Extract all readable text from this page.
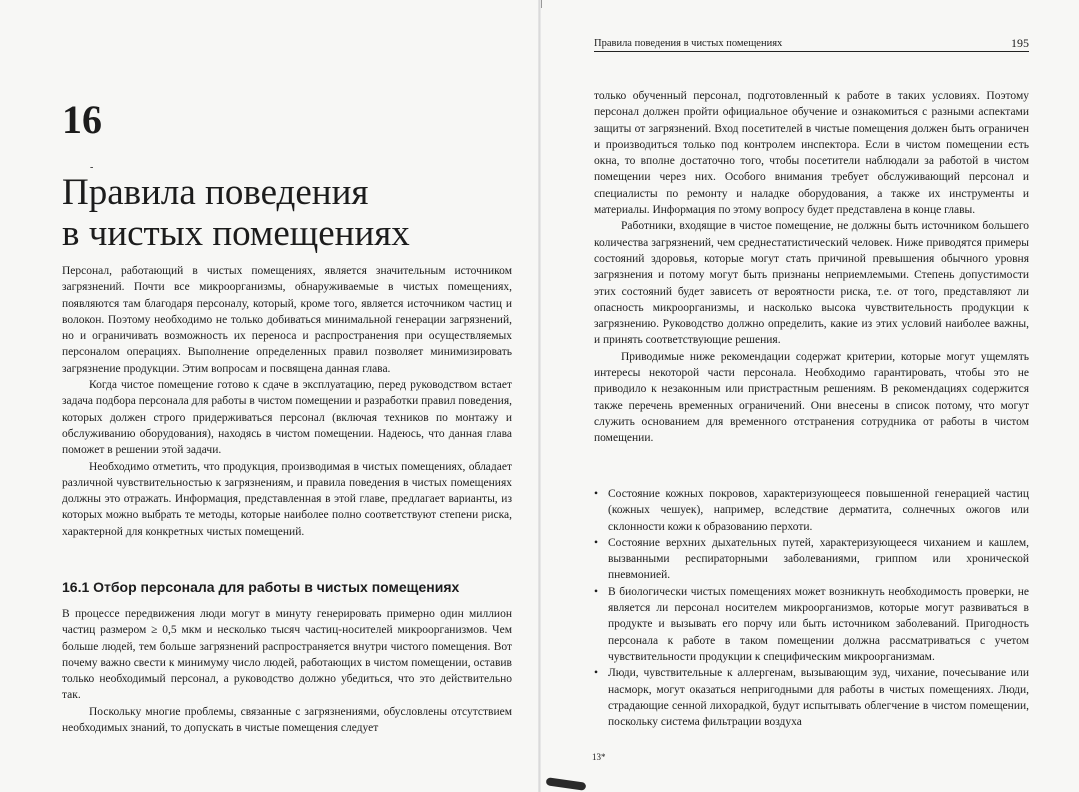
16
-
Правила поведения
в чистых помещениях

Персонал, работающий в чистых помещениях, является значительным источником загрязнений. Почти все микроорганизмы, обнаруживаемые в чистых помещениях, появляются там благодаря персоналу, который, кроме того, является источником частиц и волокон. Поэтому необходимо не только добиваться минимальной генерации загрязнений, но и ограничивать возможность их переноса и распространения при осуществляемых персоналом операциях. Выполнение определенных правил позволяет минимизировать загрязнение продукции. Этим вопросам и посвящена данная глава.

Когда чистое помещение готово к сдаче в эксплуатацию, перед руководством встает задача подбора персонала для работы в чистом помещении и разработки правил поведения, которых должен строго придерживаться персонал (включая техников по монтажу и обслуживанию оборудования), находясь в чистом помещении. Надеюсь, что данная глава поможет в решении этой задачи.

Необходимо отметить, что продукция, производимая в чистых помещениях, обладает различной чувствительностью к загрязнениям, и правила поведения в чистых помещениях должны это отражать. Информация, представленная в этой главе, предлагает варианты, из которых можно выбрать те методы, которые наиболее полно соответствуют степени риска, характерной для конкретных чистых помещений.

16.1 Отбор персонала для работы в чистых помещениях

В процессе передвижения люди могут в минуту генерировать примерно один миллион частиц размером ≥ 0,5 мкм и несколько тысяч частиц-носителей микроорганизмов. Чем больше людей, тем больше загрязнений распространяется внутри чистого помещения. Вот почему важно свести к минимуму число людей, работающих в чистом помещении, оставив только необходимый персонал, а руководство должно убедиться, что это действительно так.

Поскольку многие проблемы, связанные с загрязнениями, обусловлены отсутствием необходимых знаний, то допускать в чистые помещения следует

Правила поведения в чистых помещениях	195

только обученный персонал, подготовленный к работе в таких условиях. Поэтому персонал должен пройти официальное обучение и ознакомиться с разными аспектами защиты от загрязнений. Вход посетителей в чистые помещения должен быть ограничен и производиться только под контролем инспектора. Если в чистом помещении есть окна, то вполне достаточно того, чтобы посетители наблюдали за работой в чистом помещении через них. Особого внимания требует обслуживающий персонал и специалисты по ремонту и наладке оборудования, а также их инструменты и материалы. Информация по этому вопросу будет представлена в конце главы.

Работники, входящие в чистое помещение, не должны быть источником большего количества загрязнений, чем среднестатистический человек. Ниже приводятся примеры состояний здоровья, которые могут стать причиной превышения обычного уровня загрязнения и потому могут быть признаны неприемлемыми. Степень допустимости этих состояний будет зависеть от вероятности риска, т.е. от того, представляют ли опасность микроорганизмы, и насколько высока чувствительность продукции к загрязнению. Руководство должно определить, какие из этих условий наиболее важны, и принять соответствующие решения.

Приводимые ниже рекомендации содержат критерии, которые могут ущемлять интересы некоторой части персонала. Необходимо гарантировать, чтобы это не приводило к незаконным или пристрастным решениям. В рекомендациях содержится также перечень временных ограничений. Они внесены в список потому, что могут служить основанием для временного отстранения сотрудника от работы в чистом помещении.

• Состояние кожных покровов, характеризующееся повышенной генерацией частиц (кожных чешуек), например, вследствие дерматита, солнечных ожогов или склонности кожи к образованию перхоти.
• Состояние верхних дыхательных путей, характеризующееся чиханием и кашлем, вызванными респираторными заболеваниями, гриппом или хронической пневмонией.
• В биологически чистых помещениях может возникнуть необходимость проверки, не является ли персонал носителем микроорганизмов, которые могут развиваться в продукте и вызывать его порчу или быть источником заболеваний. Пригодность персонала к работе в таком помещении должна рассматриваться с учетом чувствительности продукции к специфическим микроорганизмам.
• Люди, чувствительные к аллергенам, вызывающим зуд, чихание, почесывание или насморк, могут оказаться непригодными для работы в чистых помещениях. Люди, страдающие сенной лихорадкой, будут испытывать облегчение в чистом помещении, поскольку система фильтрации воздуха
13*
